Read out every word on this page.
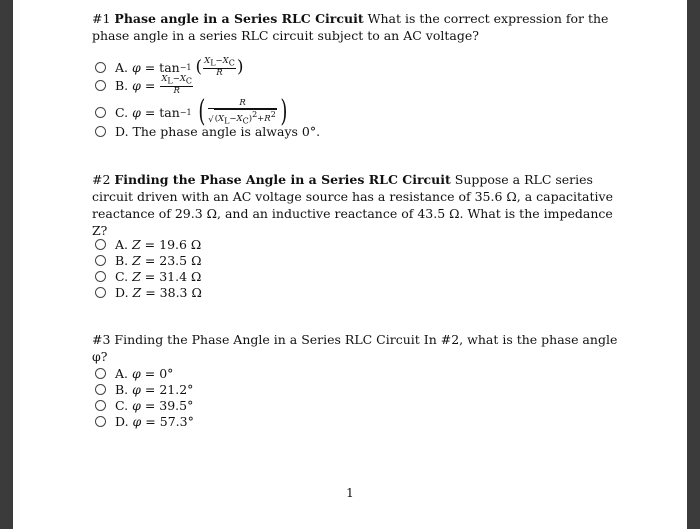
#1 Phase angle in a Series RLC Circuit What is the correct expression for the phase angle in a series RLC circuit subject to an AC voltage?
A.
φ = tan −1
( $\frac{X_L-X_C}{R}$ )
B.
$\varphi = \frac{X_L-X_C}{R}$
C.
φ = tan −1
( $\frac{R}{√ (X_L-X_C)^2+R^2}$ )
D.
The phase angle is always 0°.
#2 Finding the Phase Angle in a Series RLC Circuit Suppose a RLC series circuit driven with an AC voltage source has a resistance of 35.6 Ω, a capacitative reactance of 29.3 Ω, and an inductive reactance of 43.5 Ω. What is the impedance Z?
A.
Z
= 19.6 Ω
B.
Z
= 23.5 Ω
C.
Z
= 31.4 Ω
D.
Z
= 38.3 Ω
#3 Finding the Phase Angle in a Series RLC Circuit In #2, what is the phase angle φ?
A.
φ
= 0°
B.
φ
= 21.2°
C.
φ
= 39.5°
D.
φ
= 57.3°
1
